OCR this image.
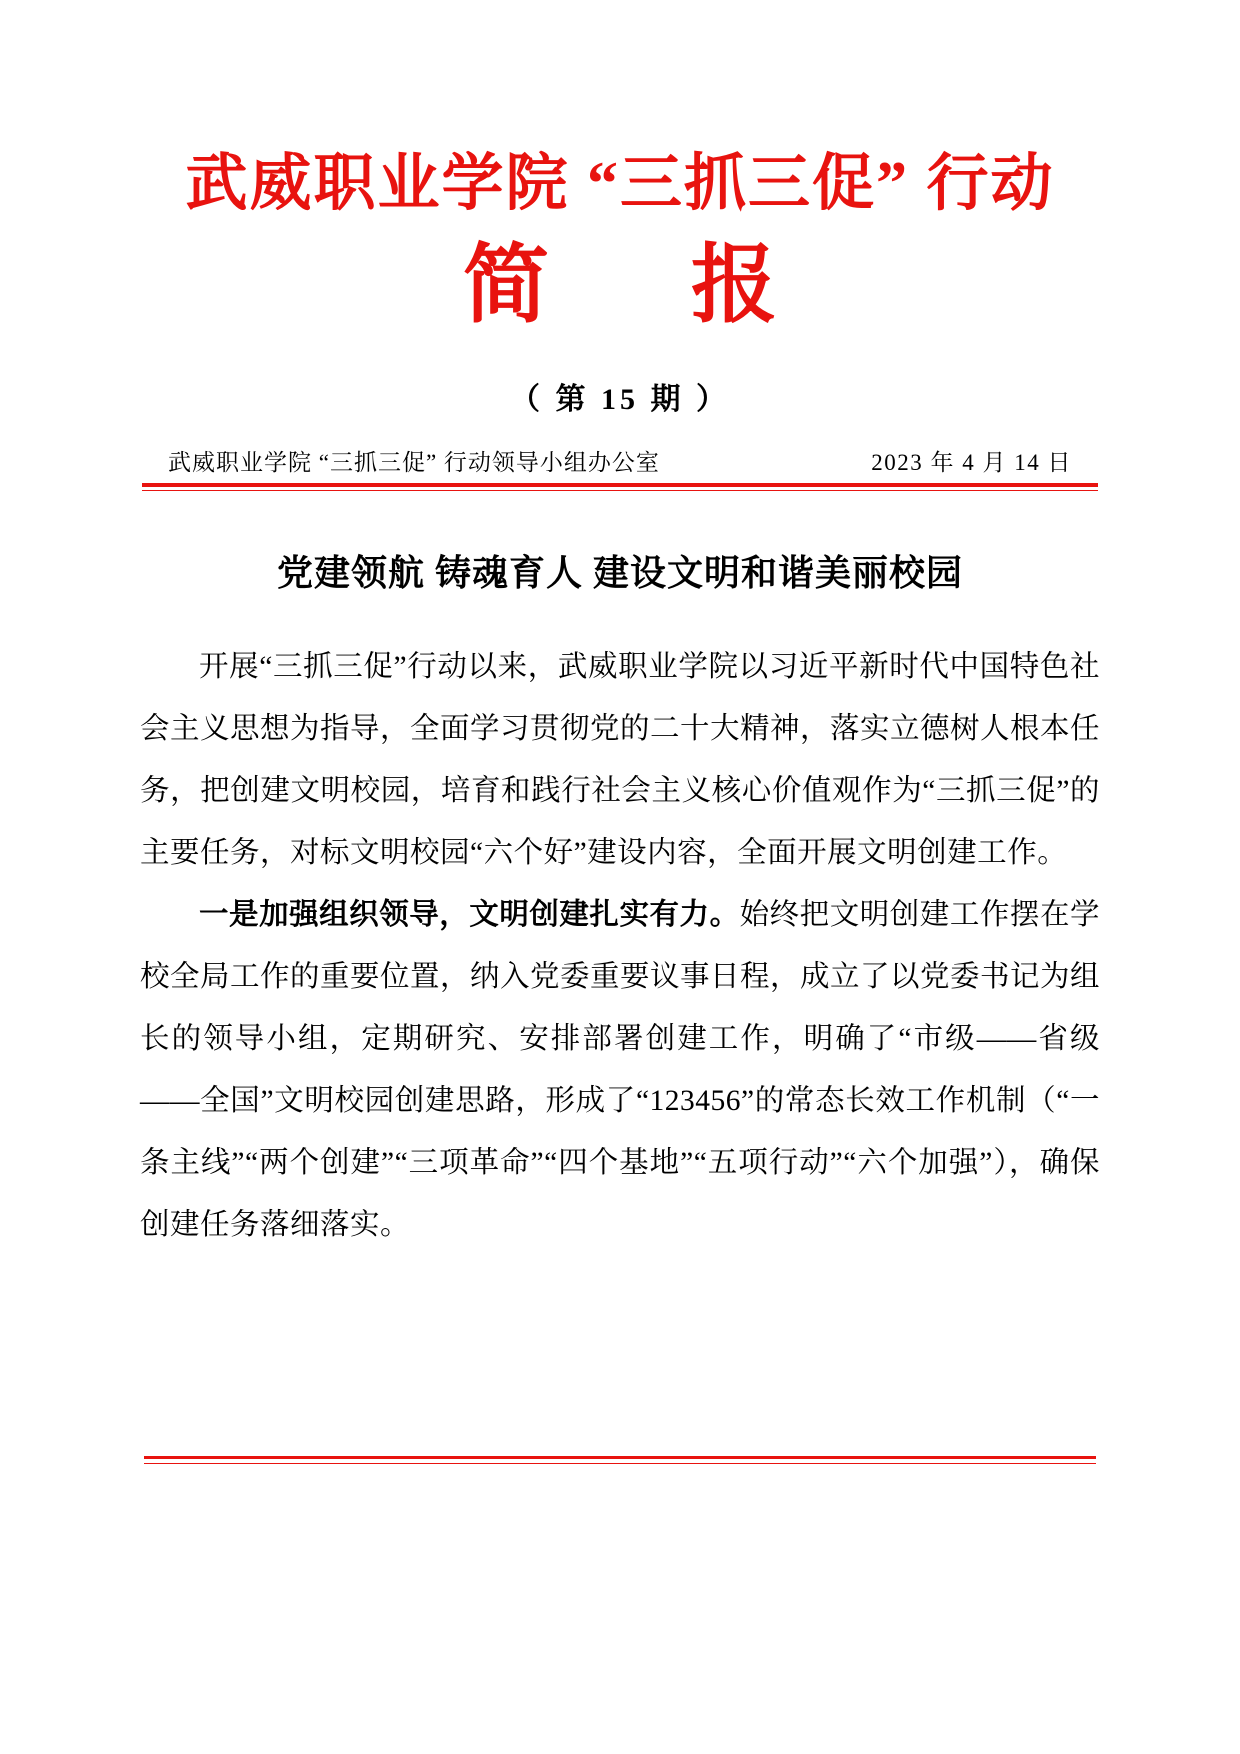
武威职业学院 “三抓三促” 行动
简　报
（ 第 15 期 ）
武威职业学院 “三抓三促” 行动领导小组办公室	2023 年 4 月 14 日
党建领航 铸魂育人 建设文明和谐美丽校园

开展“三抓三促”行动以来，武威职业学院以习近平新时代中国特色社会主义思想为指导，全面学习贯彻党的二十大精神，落实立德树人根本任务，把创建文明校园，培育和践行社会主义核心价值观作为“三抓三促”的主要任务，对标文明校园“六个好”建设内容，全面开展文明创建工作。

一是加强组织领导，文明创建扎实有力。始终把文明创建工作摆在学校全局工作的重要位置，纳入党委重要议事日程，成立了以党委书记为组长的领导小组，定期研究、安排部署创建工作，明确了“市级——省级——全国”文明校园创建思路，形成了“123456”的常态长效工作机制（“一条主线”“两个创建”“三项革命”“四个基地”“五项行动”“六个加强”），确保创建任务落细落实。
